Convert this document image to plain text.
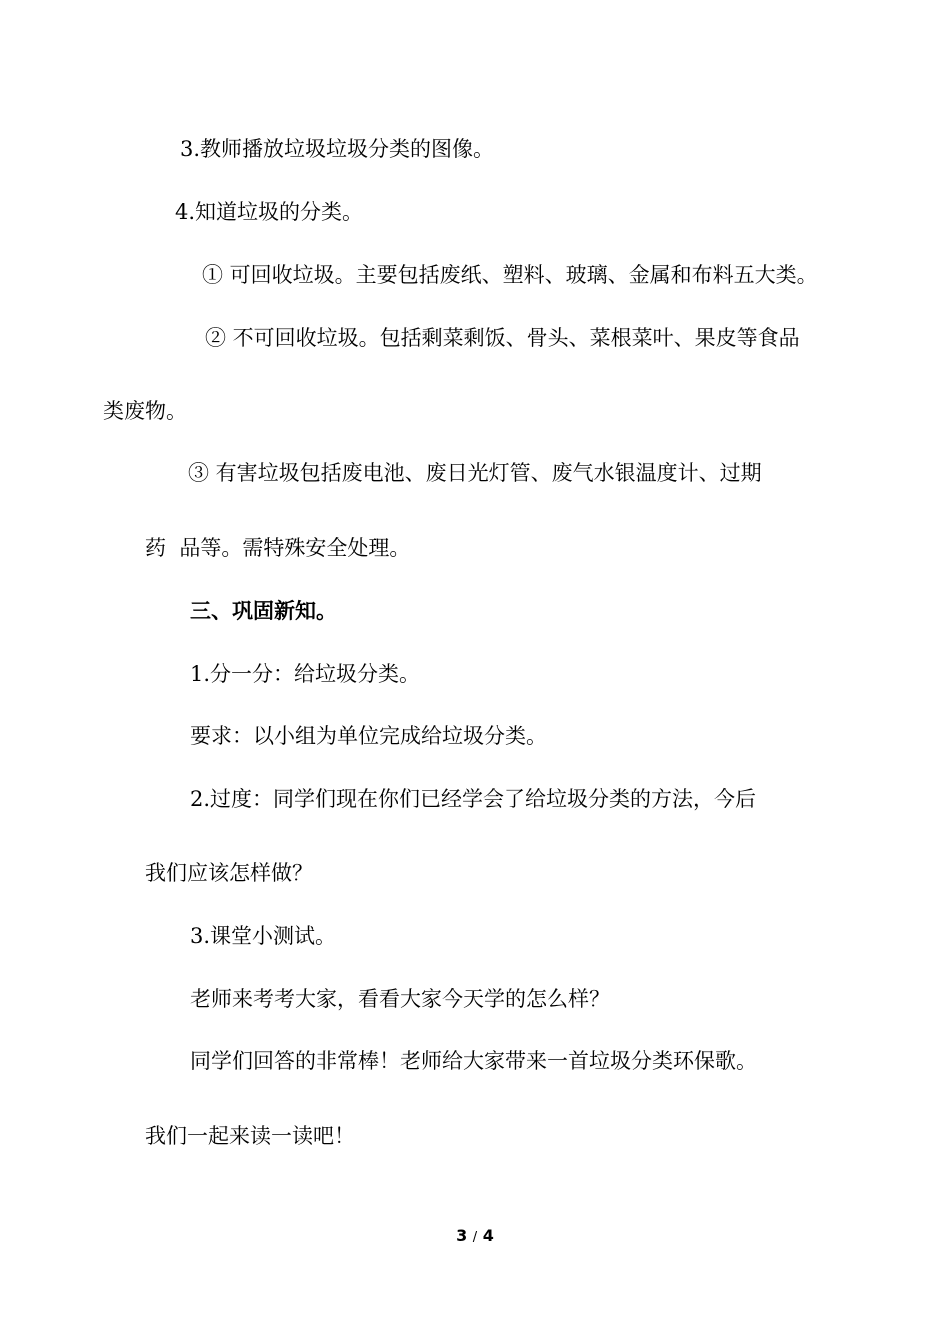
3.教师播放垃圾垃圾分类的图像。
4.知道垃圾的分类。
① 可回收垃圾。主要包括废纸、塑料、玻璃、金属和布料五大类。
② 不可回收垃圾。包括剩菜剩饭、骨头、菜根菜叶、果皮等食品
类废物。
③ 有害垃圾包括废电池、废日光灯管、废气水银温度计、过期
药  品等。需特殊安全处理。
三、巩固新知。
1.分一分：给垃圾分类。
要求：以小组为单位完成给垃圾分类。
2.过度：同学们现在你们已经学会了给垃圾分类的方法，今后
我们应该怎样做？
3.课堂小测试。
老师来考考大家，看看大家今天学的怎么样？
同学们回答的非常棒！老师给大家带来一首垃圾分类环保歌。
我们一起来读一读吧！
3 / 4
